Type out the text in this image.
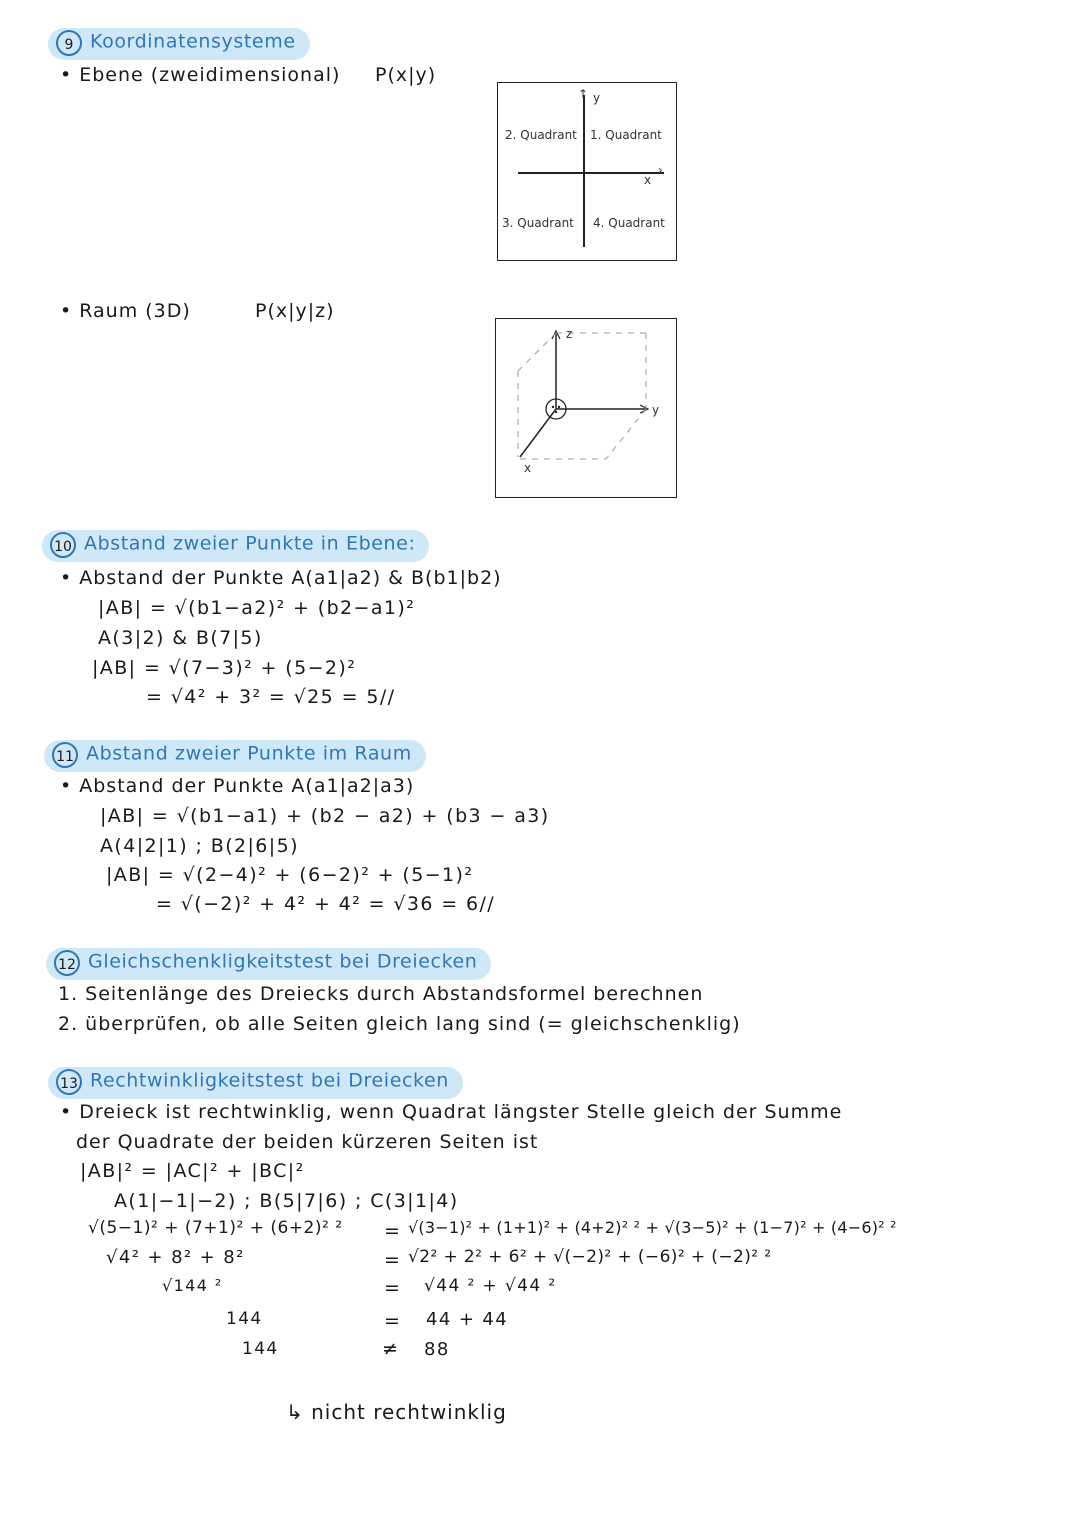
9 Koordinatensysteme
• Ebene (zweidimensional) P(x|y)
↑ y
›
x
2. Quadrant 1. Quadrant
3. Quadrant 4. Quadrant
• Raum (3D)	P(x|y|z)
z
y
x
10 Abstand zweier Punkte in Ebene:
• Abstand der Punkte A(a1|a2) & B(b1|b2)
|AB| = √(b1−a2)² + (b2−a1)²
A(3|2) & B(7|5)
|AB| = √(7−3)² + (5−2)²
= √4² + 3² = √25 = 5//
11 Abstand zweier Punkte im Raum
• Abstand der Punkte A(a1|a2|a3)
|AB| = √(b1−a1) + (b2 − a2) + (b3 − a3)
A(4|2|1) ; B(2|6|5)
|AB| = √(2−4)² + (6−2)² + (5−1)²
= √(−2)² + 4² + 4² = √36 = 6//
12 Gleichschenkligkeitstest bei Dreiecken
1. Seitenlänge des Dreiecks durch Abstandsformel berechnen
2. überprüfen, ob alle Seiten gleich lang sind (= gleichschenklig)
13 Rechtwinkligkeitstest bei Dreiecken
• Dreieck ist rechtwinklig, wenn Quadrat längster Stelle gleich der Summe
der Quadrate der beiden kürzeren Seiten ist
|AB|² = |AC|² + |BC|²
A(1|−1|−2) ; B(5|7|6) ; C(3|1|4)
√(5−1)² + (7+1)² + (6+2)² ²
√4² + 8² + 8²
√144 ²
144
144
=
=
=
=
≠
√(3−1)² + (1+1)² + (4+2)² ² + √(3−5)² + (1−7)² + (4−6)² ²
√2² + 2² + 6² + √(−2)² + (−6)² + (−2)² ²
√44 ² + √44 ²
44 + 44
88
↳ nicht rechtwinklig
